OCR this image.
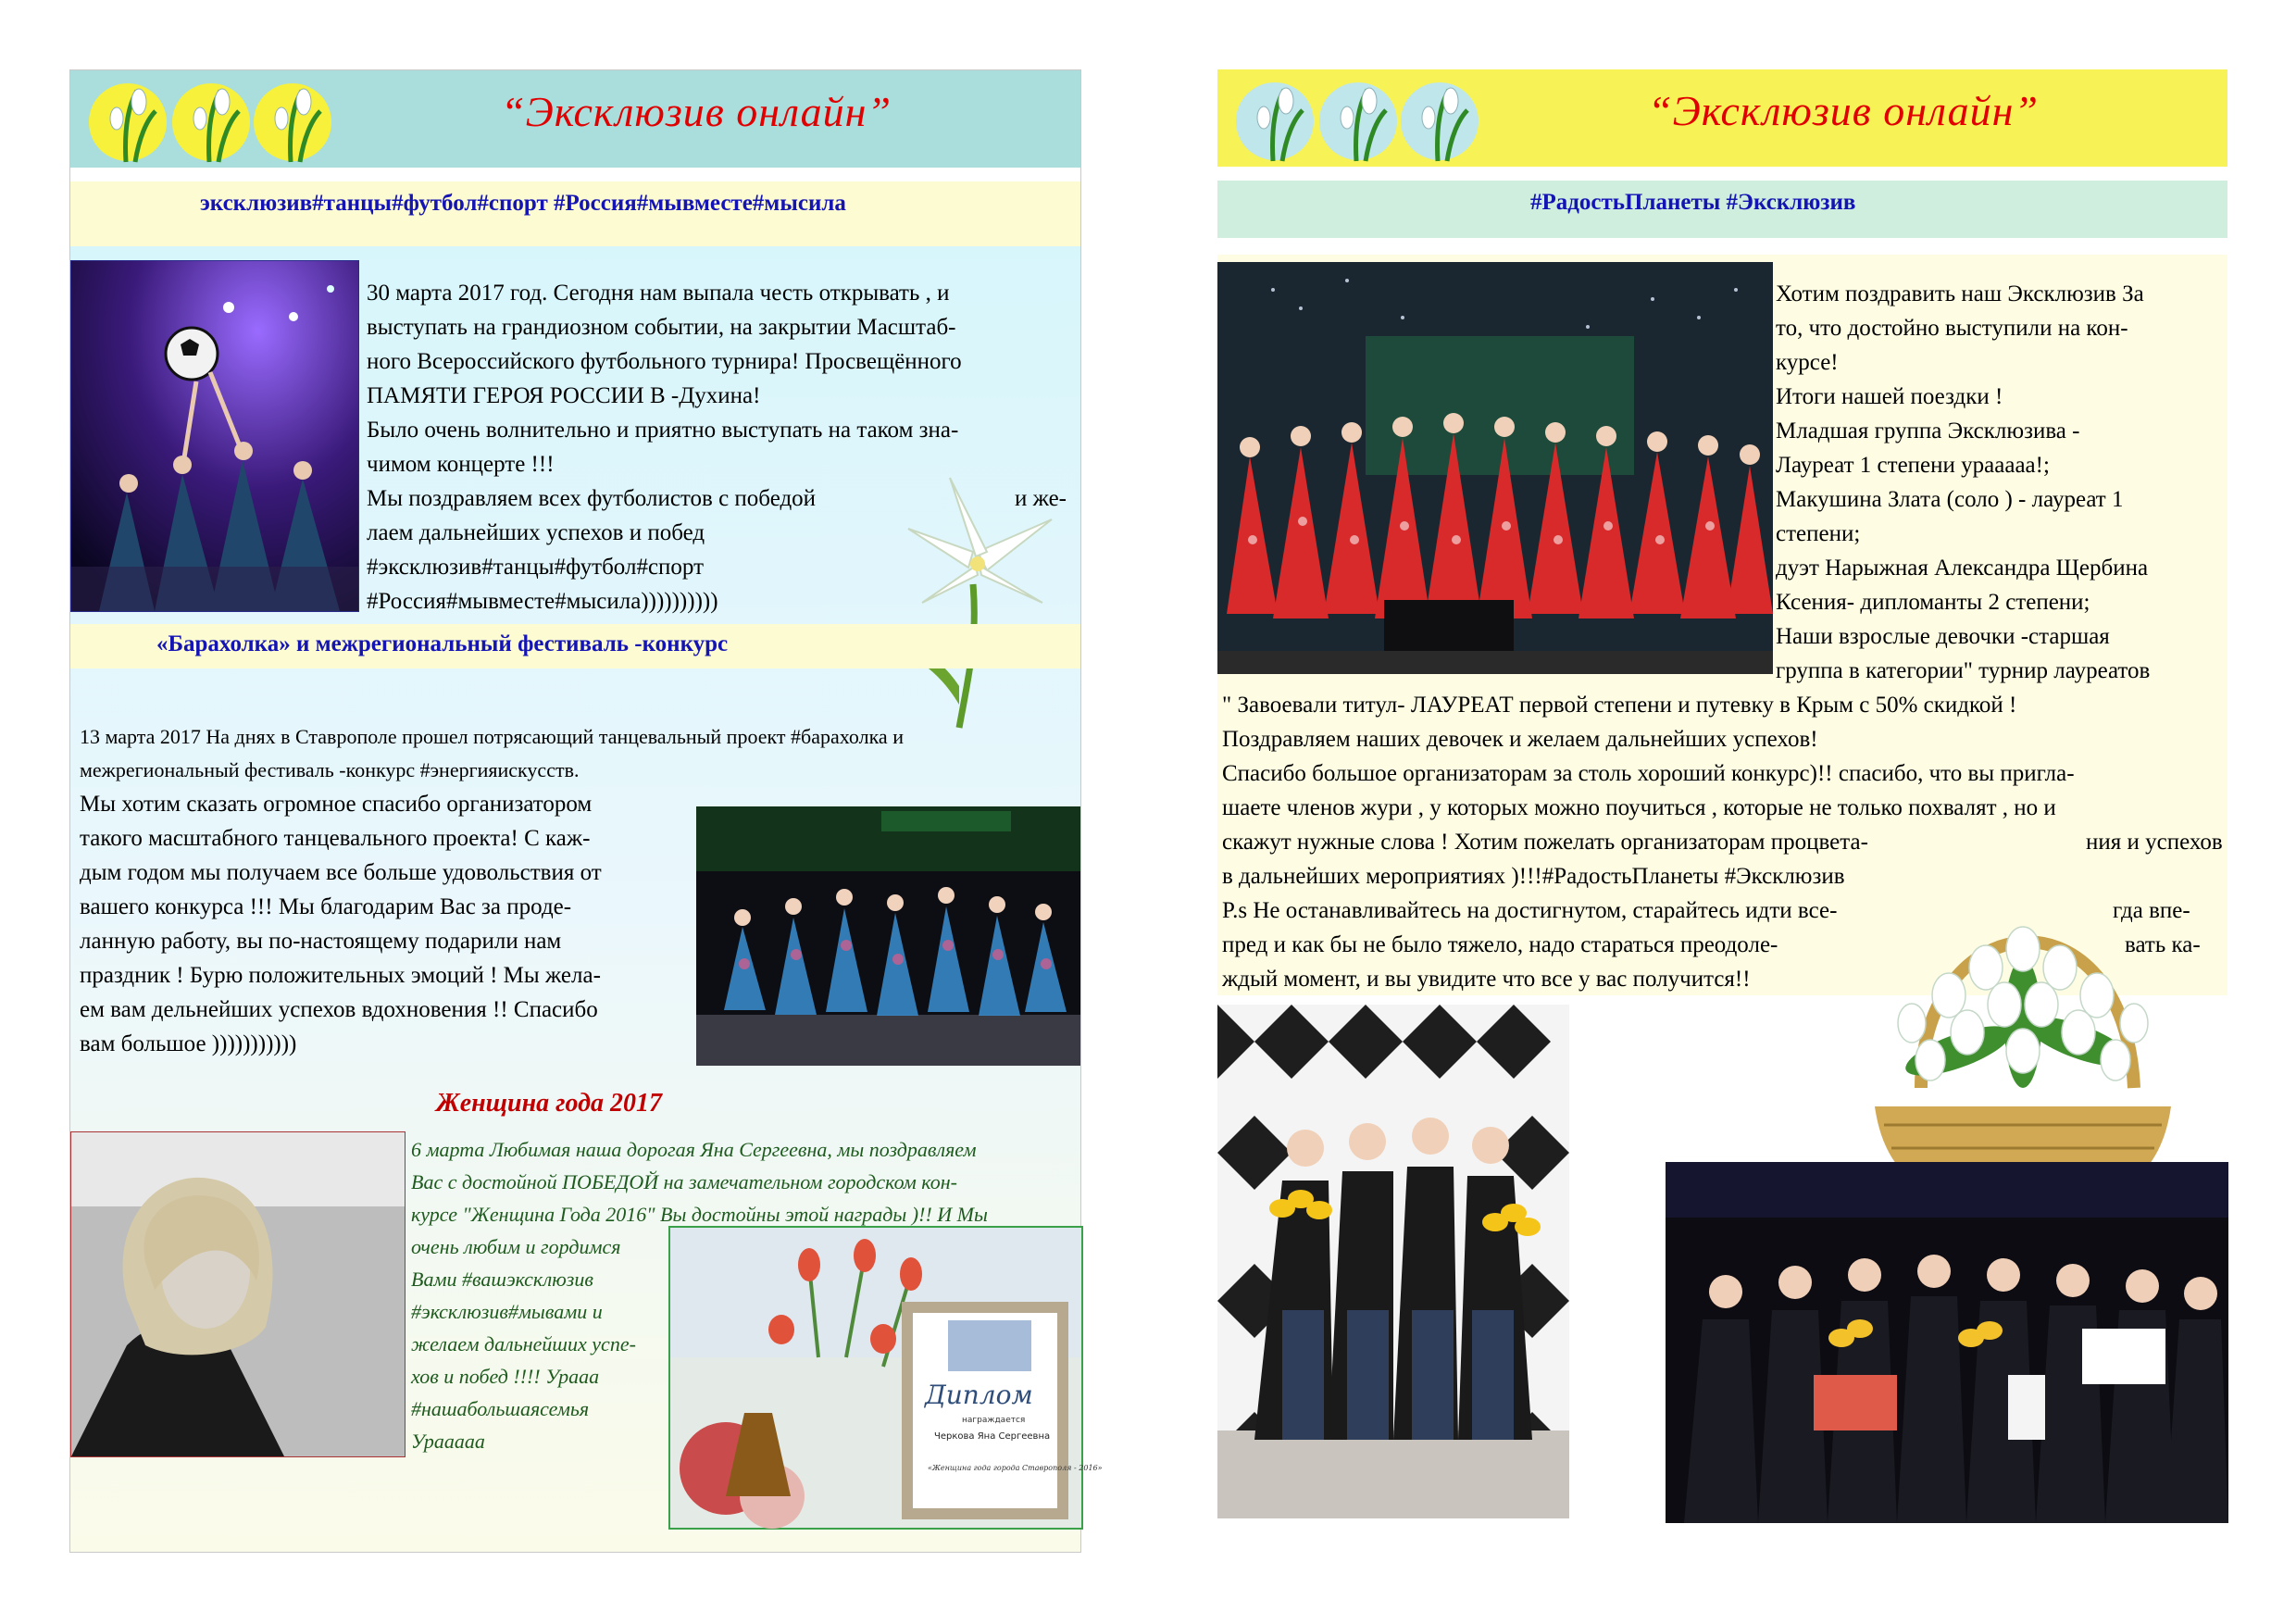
“Эксклюзив онлайн”
эксклюзив#танцы#футбол#спорт #Россия#мывместе#мысила

30 марта 2017 год. Сегодня нам выпала честь открывать , и

выступать на грандиозном событии, на закрытии Масштаб-

ного Всероссийского футбольного турнира! Просвещённого

ПАМЯТИ ГЕРОЯ РОССИИ В -Духина!

Было очень волнительно и приятно выступать на таком зна-

чимом концерте !!!

Мы поздравляем всех футболистов с победой	и же-

лаем дальнейших успехов и побед

#эксклюзив#танцы#футбол#спорт

#Россия#мывместе#мысила))))))))))

«Барахолка» и межрегиональный фестиваль -конкурс

13 марта 2017 На днях в Ставрополе прошел потрясающий танцевальный проект #барахолка и

межрегиональный фестиваль -конкурс #энергияискусств.

Мы хотим сказать огромное спасибо организатором

такого масштабного танцевального проекта! С каж-

дым годом мы получаем все больше удовольствия от

вашего конкурса !!! Мы благодарим Вас за проде-

ланную работу, вы по-настоящему подарили нам

праздник ! Бурю положительных эмоций ! Мы жела-

ем вам дельнейших успехов вдохновения !! Спасибо

вам большое )))))))))))

Женщина года 2017
6 марта Любимая наша дорогая Яна Сергеевна, мы поздравляем
Вас с достойной ПОБЕДОЙ на замечательном городском кон-
курсе "Женщина Года 2016" Вы достойны этой награды )!! И Мы
очень любим и гордимся
Вами #вашэксклюзив
#эксклюзив#мывами и
желаем дальнейших успе-
хов и побед !!!! Ураaa
#нашабольшаясемья
Урааааа
Диплом
награждается
Черкова Яна Сергеевна
«Женщина года города Ставрополя - 2016»
“Эксклюзив онлайн”
#РадостьПланеты #Эксклюзив

Хотим поздравить наш Эксклюзив За

то, что достойно выступили на кон-

курсе!

Итоги нашей поездки !

Младшая группа Эксклюзива -

Лауреат 1 степени урааааа!;

Макушина Злата (соло ) - лауреат 1

степени;

дуэт Нарыжная Александра Щербина

Ксения- дипломанты 2 степени;

Наши взрослые девочки -старшая

группа в категории" турнир лауреатов

" Завоевали титул- ЛАУРЕАТ первой степени и путевку в Крым с 50% скидкой !

Поздравляем наших девочек и желаем дальнейших успехов!

Спасибо большое организаторам за столь хороший конкурс)!! спасибо, что вы пригла-

шаете членов жури , у которых можно поучиться , которые не только похвалят , но и

скажут нужные слова ! Хотим пожелать организаторам процвета-	ния и успехов

в дальнейших мероприятиях )!!!#РадостьПланеты #Эксклюзив

P.s Не останавливайтесь на достигнутом, старайтесь идти все-	гда впе-

пред и как бы не было тяжело, надо стараться преодоле-	вать ка-

ждый момент, и вы увидите что все у вас получится!!
